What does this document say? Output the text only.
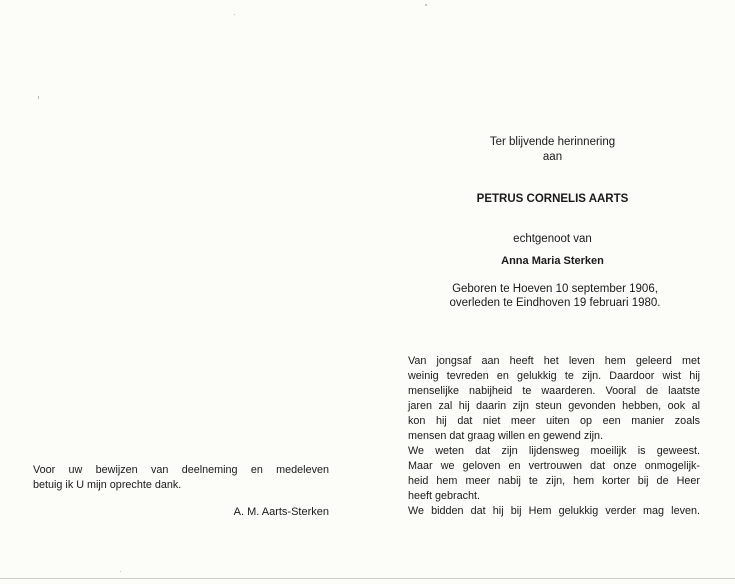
Ter blijvende herinnering
aan
PETRUS CORNELIS AARTS
echtgenoot van
Anna Maria Sterken
Geboren te Hoeven 10 september 1906,
overleden te Eindhoven 19 februari 1980.
Van jongsaf aan heeft het leven hem geleerd met
weinig tevreden en gelukkig te zijn. Daardoor wist hij
menselijke nabijheid te waarderen. Vooral de laatste
jaren zal hij daarin zijn steun gevonden hebben, ook al
kon hij dat niet meer uiten op een manier zoals
mensen dat graag willen en gewend zijn.
We weten dat zijn lijdensweg moeilijk is geweest.
Maar we geloven en vertrouwen dat onze onmogelijk-
heid hem meer nabij te zijn, hem korter bij de Heer
heeft gebracht.
We bidden dat hij bij Hem gelukkig verder mag leven.
Voor uw bewijzen van deelneming en medeleven
betuig ik U mijn oprechte dank.
A. M. Aarts-Sterken
